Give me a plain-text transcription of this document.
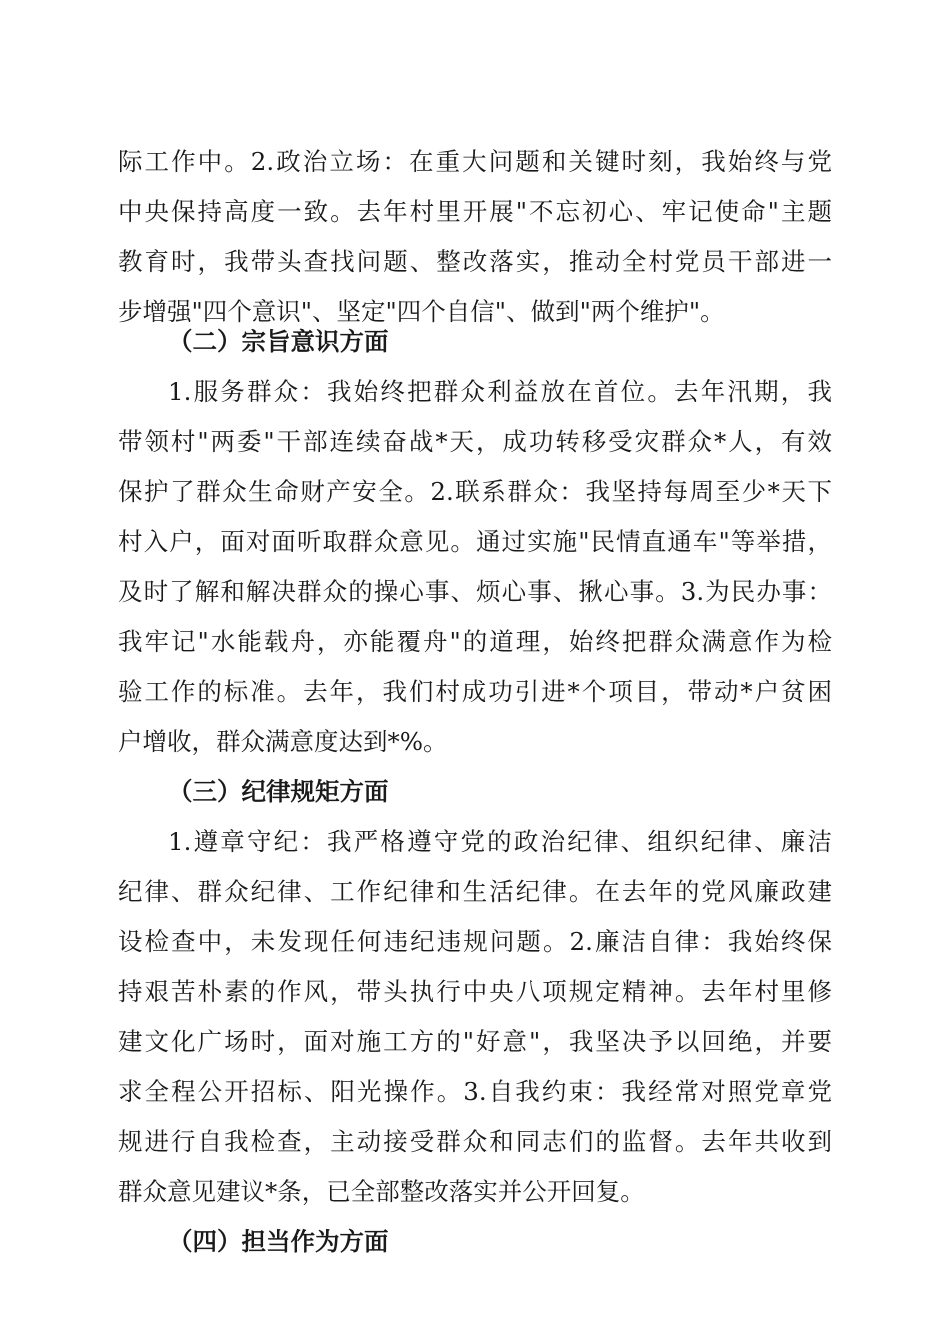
际工作中。2.政治立场：在重大问题和关键时刻，我始终与党
中央保持高度一致。去年村里开展"不忘初心、牢记使命"主题
教育时，我带头查找问题、整改落实，推动全村党员干部进一
步增强"四个意识"、坚定"四个自信"、做到"两个维护"。
（二）宗旨意识方面
1.服务群众：我始终把群众利益放在首位。去年汛期，我
带领村"两委"干部连续奋战*天，成功转移受灾群众*人，有效
保护了群众生命财产安全。2.联系群众：我坚持每周至少*天下
村入户，面对面听取群众意见。通过实施"民情直通车"等举措，
及时了解和解决群众的操心事、烦心事、揪心事。3.为民办事：
我牢记"水能载舟，亦能覆舟"的道理，始终把群众满意作为检
验工作的标准。去年，我们村成功引进*个项目，带动*户贫困
户增收，群众满意度达到*%。
（三）纪律规矩方面
1.遵章守纪：我严格遵守党的政治纪律、组织纪律、廉洁
纪律、群众纪律、工作纪律和生活纪律。在去年的党风廉政建
设检查中，未发现任何违纪违规问题。2.廉洁自律：我始终保
持艰苦朴素的作风，带头执行中央八项规定精神。去年村里修
建文化广场时，面对施工方的"好意"，我坚决予以回绝，并要
求全程公开招标、阳光操作。3.自我约束：我经常对照党章党
规进行自我检查，主动接受群众和同志们的监督。去年共收到
群众意见建议*条，已全部整改落实并公开回复。
（四）担当作为方面
